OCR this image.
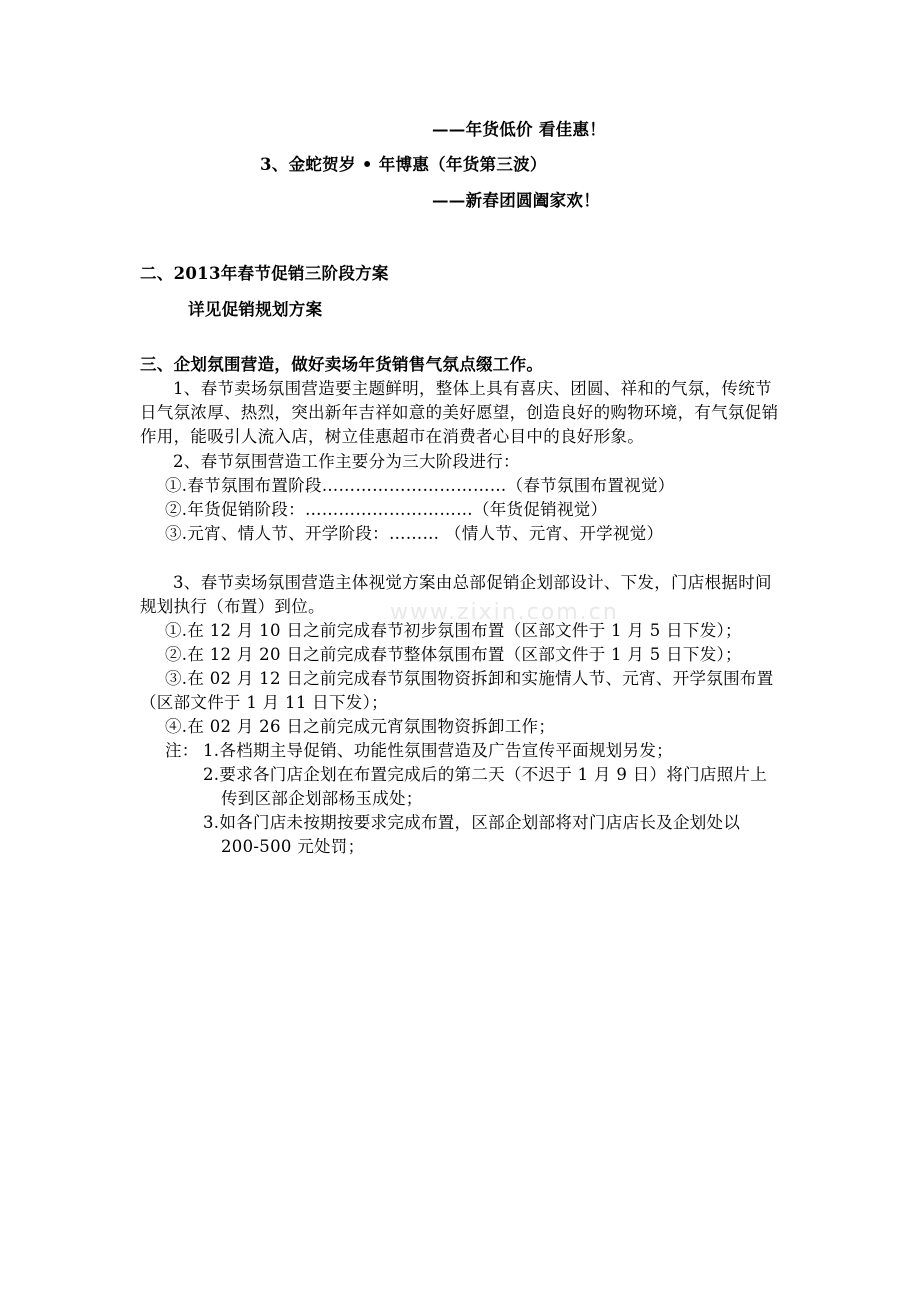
www.zixin.com.cn
——年货低价 看佳惠！
3、金蛇贺岁 • 年博惠（年货第三波）
——新春团圆阖家欢！
二、2013年春节促销三阶段方案
详见促销规划方案
三、企划氛围营造，做好卖场年货销售气氛点缀工作。
1、春节卖场氛围营造要主题鲜明，整体上具有喜庆、团圆、祥和的气氛，传统节日气氛浓厚、热烈，突出新年吉祥如意的美好愿望，创造良好的购物环境，有气氛促销作用，能吸引人流入店，树立佳惠超市在消费者心目中的良好形象。
2、春节氛围营造工作主要分为三大阶段进行：
①.春节氛围布置阶段……………………………（春节氛围布置视觉）
②.年货促销阶段：…………………………（年货促销视觉）
③.元宵、情人节、开学阶段：……… （情人节、元宵、开学视觉）
3、春节卖场氛围营造主体视觉方案由总部促销企划部设计、下发，门店根据时间规划执行（布置）到位。
①.在 12 月 10 日之前完成春节初步氛围布置（区部文件于 1 月 5 日下发）；
②.在 12 月 20 日之前完成春节整体氛围布置（区部文件于 1 月 5 日下发）；
③.在 02 月 12 日之前完成春节氛围物资拆卸和实施情人节、元宵、开学氛围布置（区部文件于 1 月 11 日下发）；
④.在 02 月 26 日之前完成元宵氛围物资拆卸工作；
注： 1.各档期主导促销、功能性氛围营造及广告宣传平面规划另发；
2.要求各门店企划在布置完成后的第二天（不迟于 1 月 9 日）将门店照片上传到区部企划部杨玉成处；
3.如各门店未按期按要求完成布置，区部企划部将对门店店长及企划处以 200-500 元处罚；
